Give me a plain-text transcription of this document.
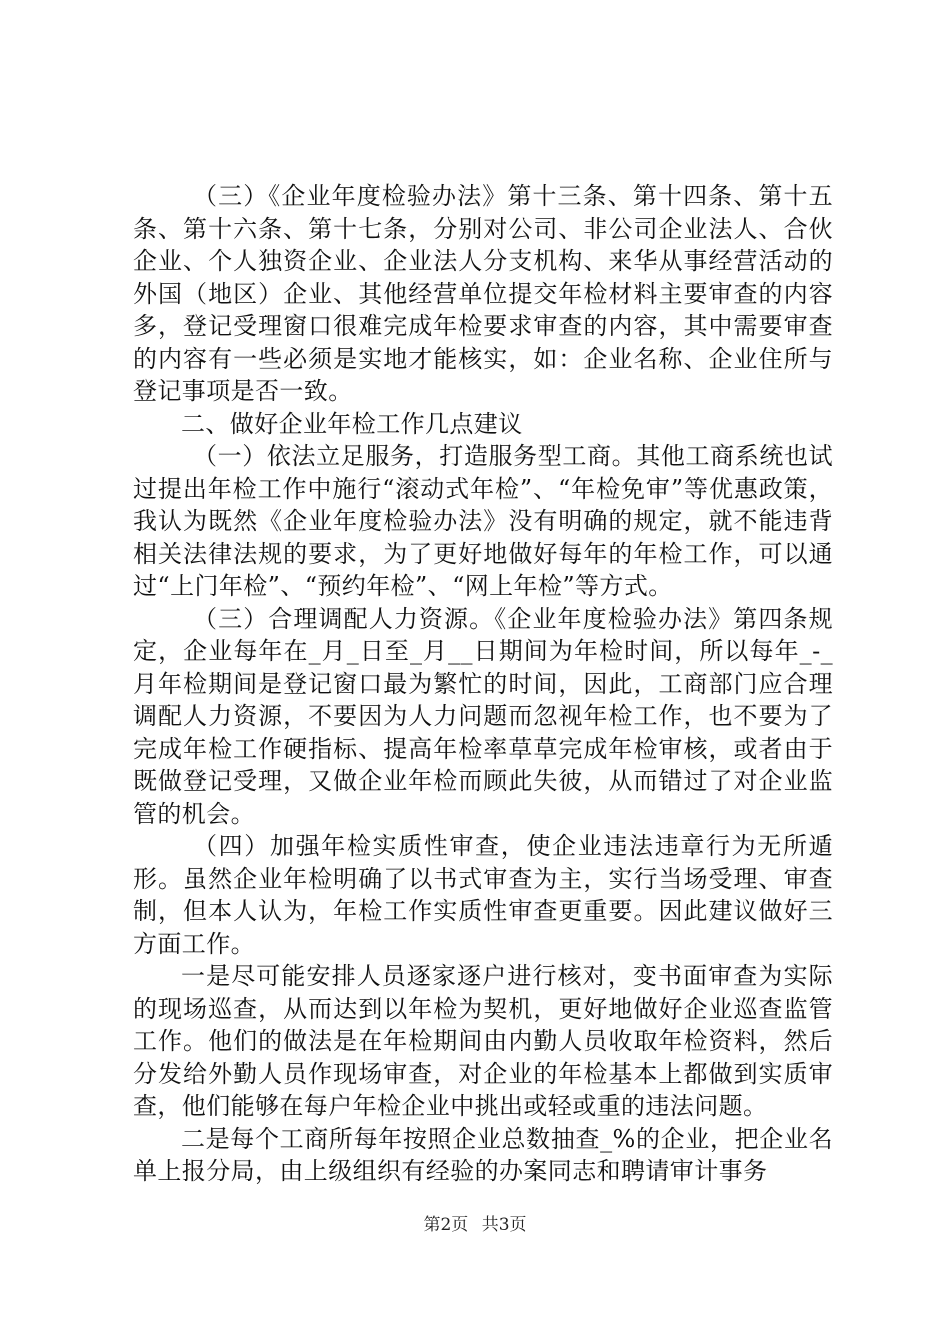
（三）《企业年度检验办法》第十三条、第十四条、第十五条、第十六条、第十七条，分别对公司、非公司企业法人、合伙企业、个人独资企业、企业法人分支机构、来华从事经营活动的外国（地区）企业、其他经营单位提交年检材料主要审查的内容多，登记受理窗口很难完成年检要求审查的内容，其中需要审查的内容有一些必须是实地才能核实，如：企业名称、企业住所与登记事项是否一致。

二、做好企业年检工作几点建议

（一）依法立足服务，打造服务型工商。其他工商系统也试过提出年检工作中施行“滚动式年检”、“年检免审”等优惠政策，我认为既然《企业年度检验办法》没有明确的规定，就不能违背相关法律法规的要求，为了更好地做好每年的年检工作，可以通过“上门年检”、“预约年检”、“网上年检”等方式。

（三）合理调配人力资源。《企业年度检验办法》第四条规定，企业每年在_月_日至_月__日期间为年检时间，所以每年_-_月年检期间是登记窗口最为繁忙的时间，因此，工商部门应合理调配人力资源，不要因为人力问题而忽视年检工作，也不要为了完成年检工作硬指标、提高年检率草草完成年检审核，或者由于既做登记受理，又做企业年检而顾此失彼，从而错过了对企业监管的机会。

（四）加强年检实质性审查，使企业违法违章行为无所遁形。虽然企业年检明确了以书式审查为主，实行当场受理、审查制，但本人认为，年检工作实质性审查更重要。因此建议做好三方面工作。

一是尽可能安排人员逐家逐户进行核对，变书面审查为实际的现场巡查，从而达到以年检为契机，更好地做好企业巡查监管工作。他们的做法是在年检期间由内勤人员收取年检资料，然后分发给外勤人员作现场审查，对企业的年检基本上都做到实质审查，他们能够在每户年检企业中挑出或轻或重的违法问题。

二是每个工商所每年按照企业总数抽查_%的企业，把企业名单上报分局，由上级组织有经验的办案同志和聘请审计事务

第2页 共3页
